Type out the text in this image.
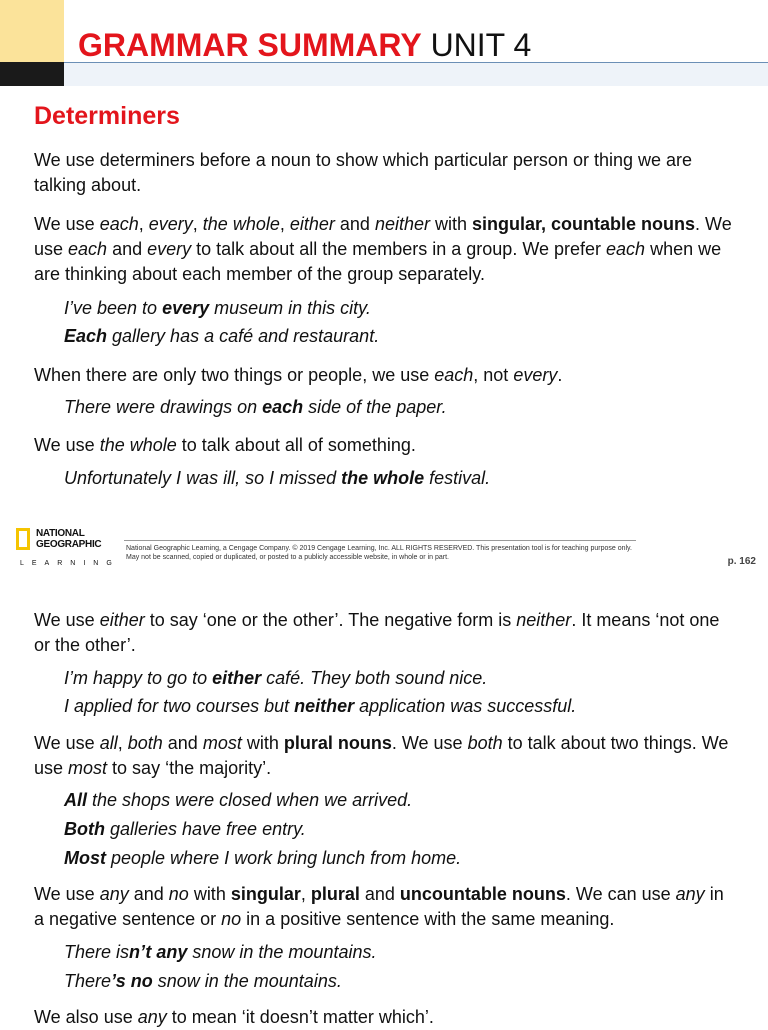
GRAMMAR SUMMARY UNIT 4
Determiners
We use determiners before a noun to show which particular person or thing we are talking about.
We use each, every, the whole, either and neither with singular, countable nouns. We use each and every to talk about all the members in a group. We prefer each when we are thinking about each member of the group separately.
I’ve been to every museum in this city.
Each gallery has a café and restaurant.
When there are only two things or people, we use each, not every.
There were drawings on each side of the paper.
We use the whole to talk about all of something.
Unfortunately I was ill, so I missed the whole festival.
NATIONAL
GEOGRAPHIC
LEARNING
National Geographic Learning, a Cengage Company. © 2019 Cengage Learning, Inc. ALL RIGHTS RESERVED. This presentation tool is for teaching purpose only. May not be scanned, copied or duplicated, or posted to a publicly accessible website, in whole or in part.	p. 162
We use either to say ‘one or the other’. The negative form is neither. It means ‘not one or the other’.
I’m happy to go to either café. They both sound nice.
I applied for two courses but neither application was successful.
We use all, both and most with plural nouns. We use both to talk about two things. We use most to say ‘the majority’.
All the shops were closed when we arrived.
Both galleries have free entry.
Most people where I work bring lunch from home.
We use any and no with singular, plural and uncountable nouns. We can use any in a negative sentence or no in a positive sentence with the same meaning.
There isn’t any snow in the mountains.
There’s no snow in the mountains.
We also use any to mean ‘it doesn’t matter which’.
